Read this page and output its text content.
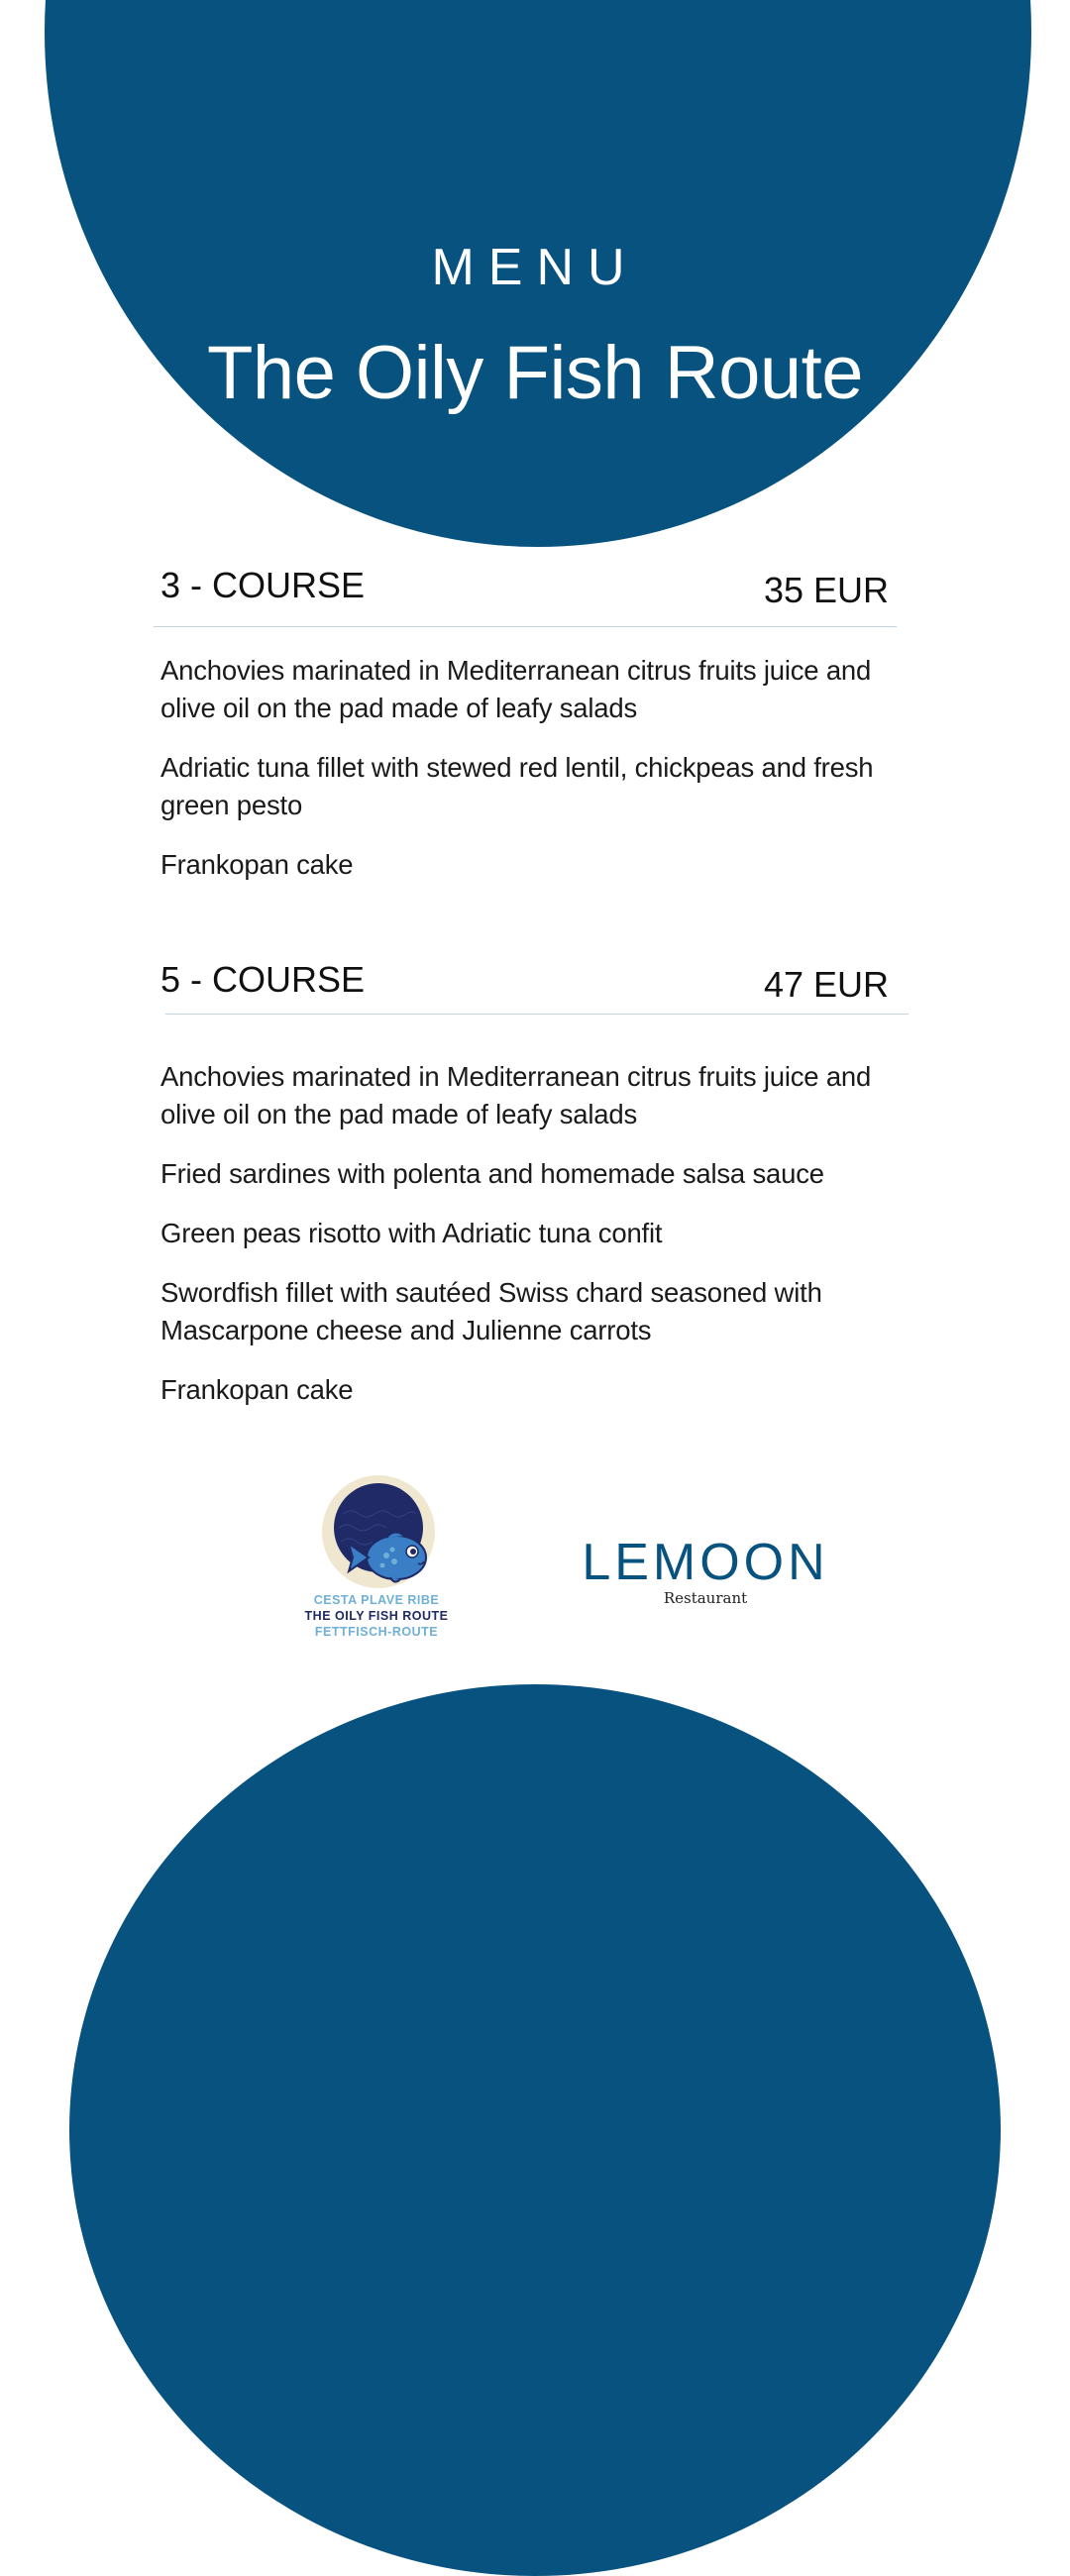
MENU
The Oily Fish Route
3 - COURSE	35 EUR
Anchovies marinated in Mediterranean citrus fruits juice and olive oil on the pad made of leafy salads
Adriatic tuna fillet with stewed red lentil, chickpeas and fresh green pesto
Frankopan cake
5 - COURSE	47 EUR
Anchovies marinated in Mediterranean citrus fruits juice and olive oil on the pad made of leafy salads
Fried sardines with polenta and homemade salsa sauce
Green peas risotto with Adriatic tuna confit
Swordfish fillet with sautéed Swiss chard seasoned with Mascarpone cheese and Julienne carrots
Frankopan cake
CESTA PLAVE RIBE
THE OILY FISH ROUTE
FETTFISCH-ROUTE
LEMOON
Restaurant
